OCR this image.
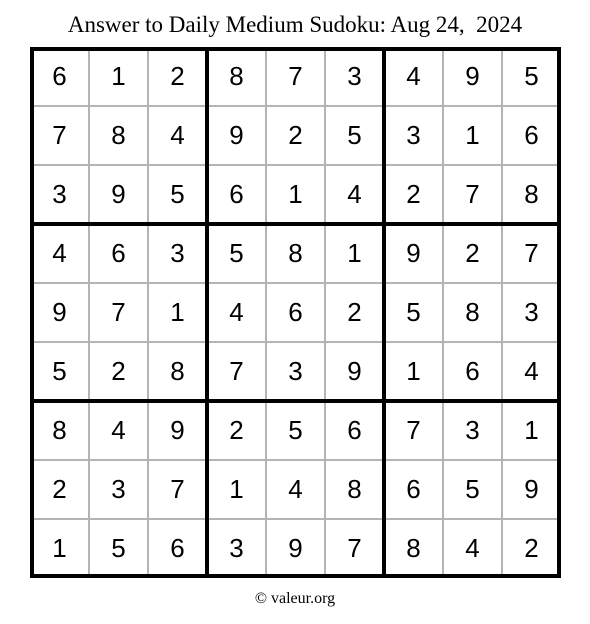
Answer to Daily Medium Sudoku: Aug 24,  2024
6	1	2	8	7	3	4	9	5
7	8	4	9	2	5	3	1	6
3	9	5	6	1	4	2	7	8
4	6	3	5	8	1	9	2	7
9	7	1	4	6	2	5	8	3
5	2	8	7	3	9	1	6	4
8	4	9	2	5	6	7	3	1
2	3	7	1	4	8	6	5	9
1	5	6	3	9	7	8	4	2
© valeur.org
